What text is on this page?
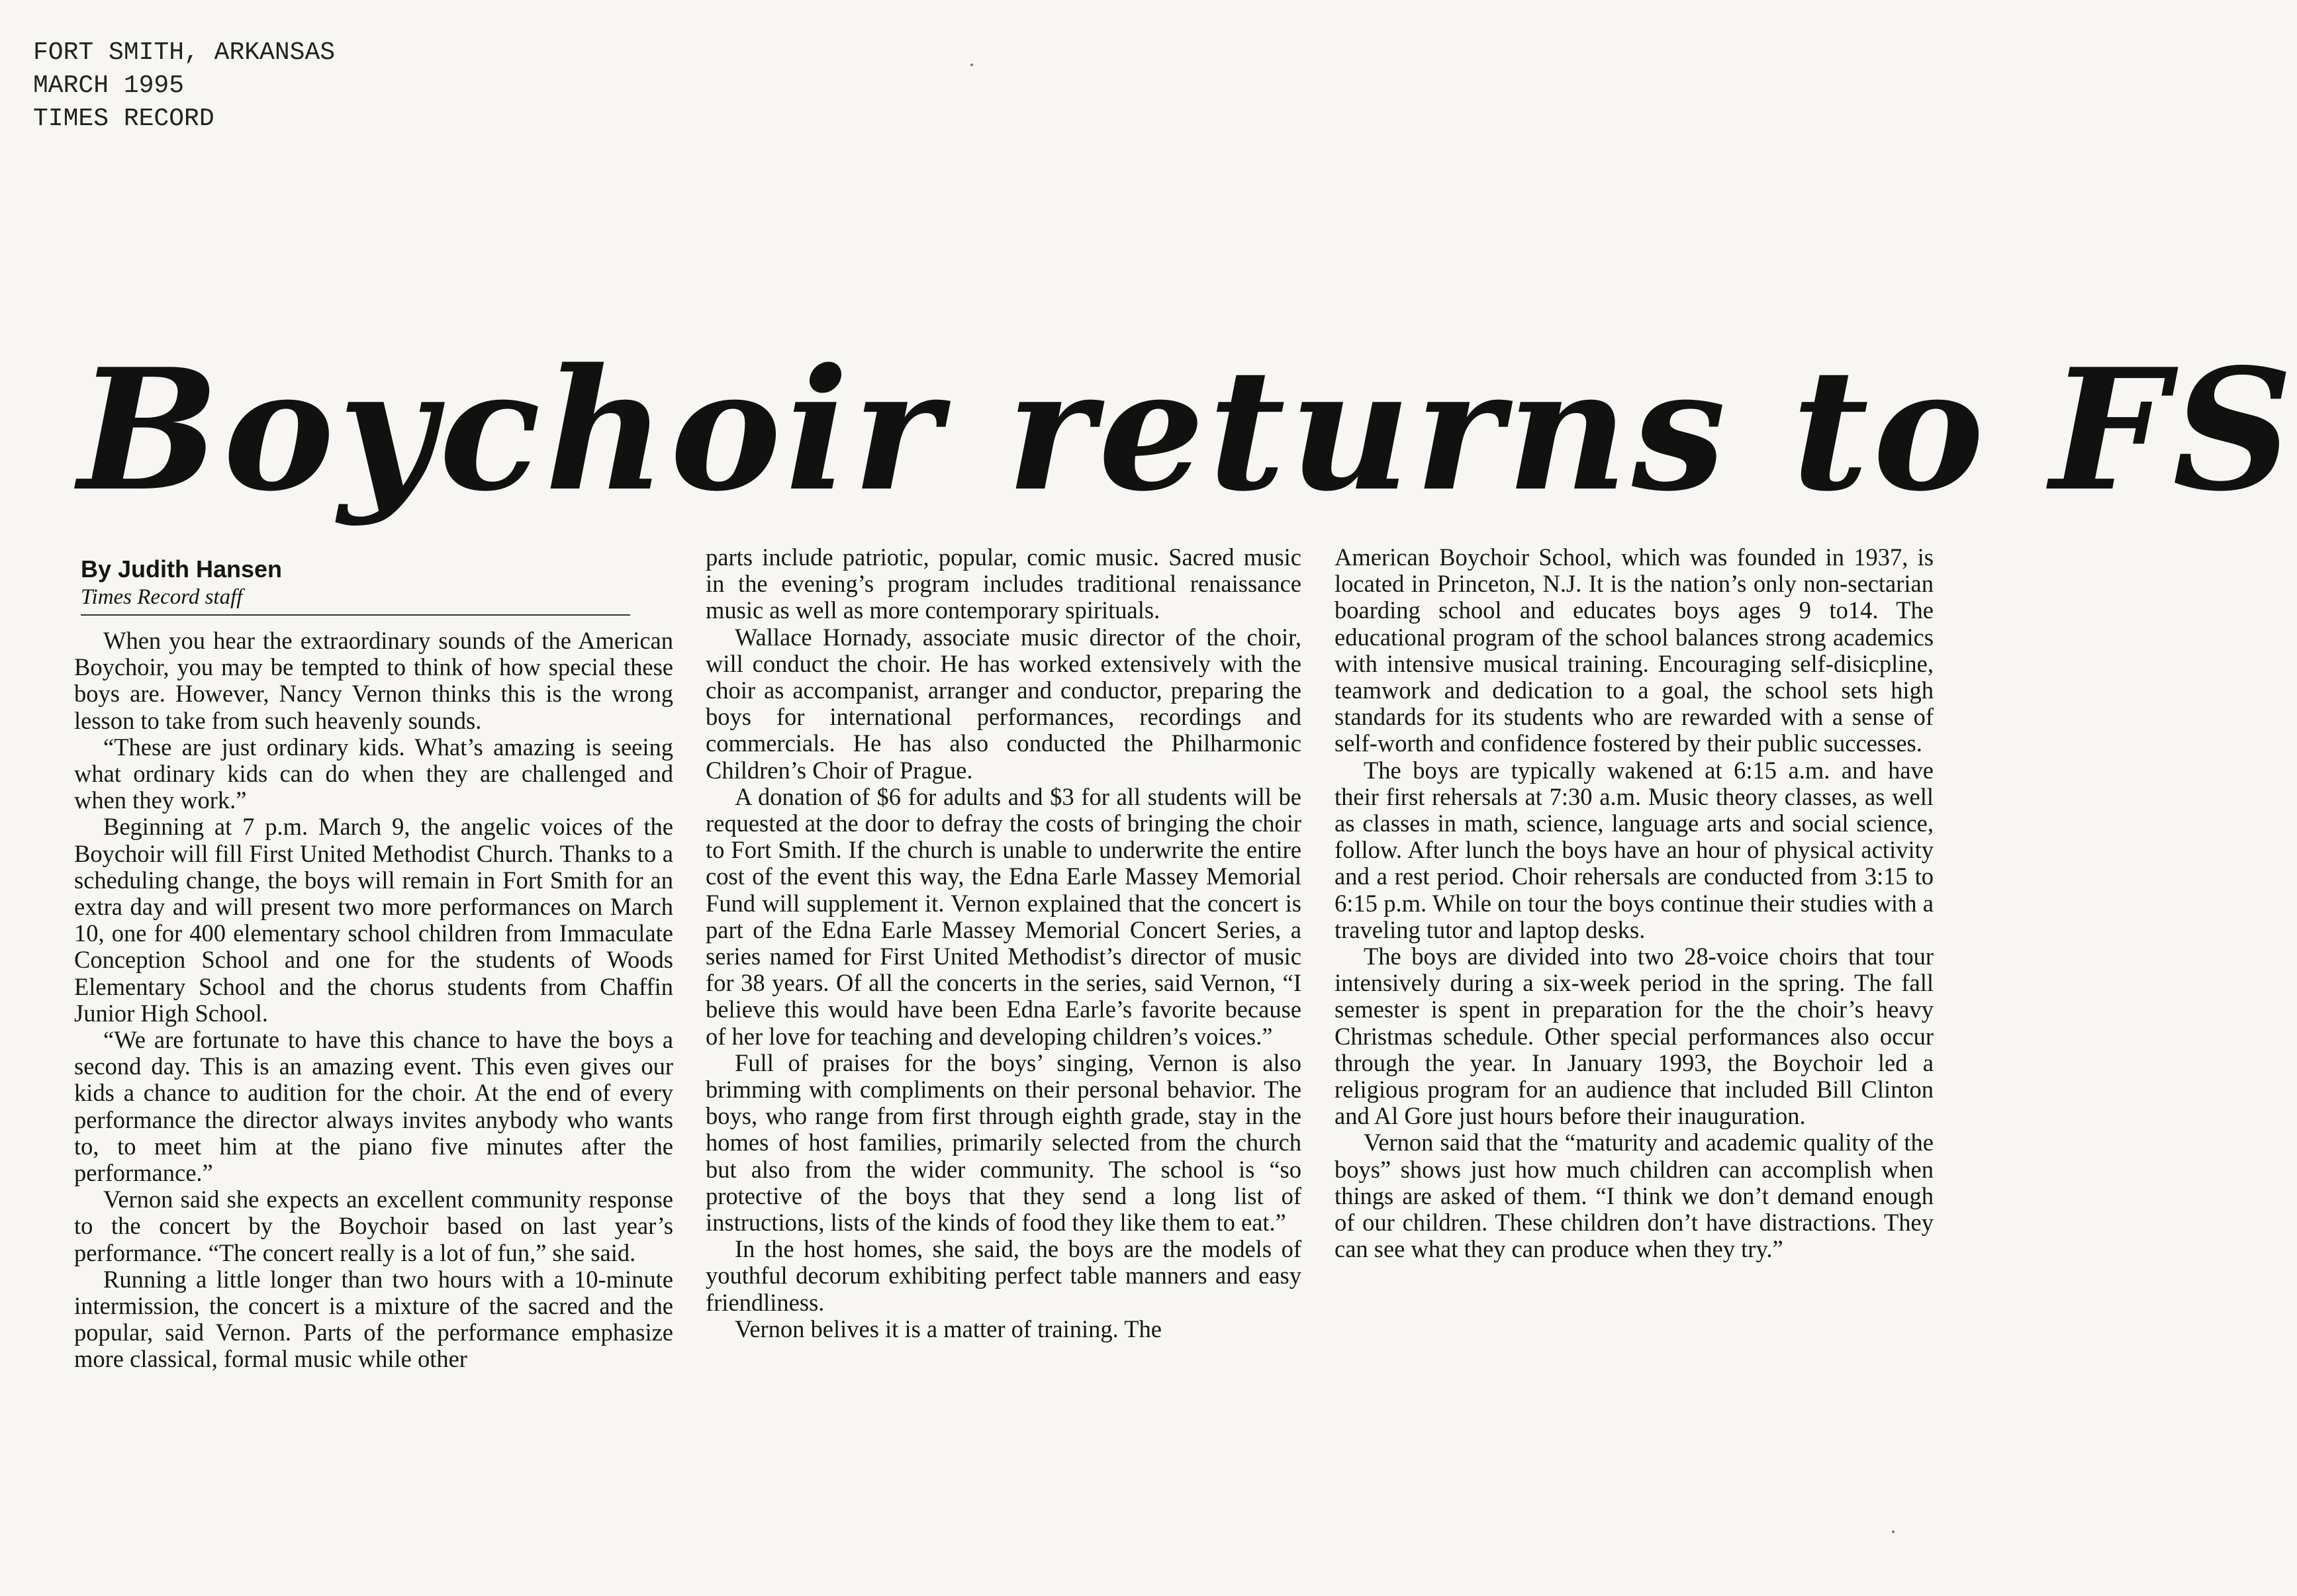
FORT SMITH, ARKANSAS
MARCH 1995
TIMES RECORD
Boychoir returns to FS
By Judith Hansen
Times Record staff

When you hear the extraordinary sounds of the American Boychoir, you may be tempted to think of how special these boys are. However, Nancy Vernon thinks this is the wrong lesson to take from such heavenly sounds.

“These are just ordinary kids. What’s amazing is seeing what ordinary kids can do when they are challenged and when they work.”

Beginning at 7 p.m. March 9, the angelic voices of the Boychoir will fill First United Methodist Church. Thanks to a scheduling change, the boys will remain in Fort Smith for an extra day and will present two more performances on March 10, one for 400 elementary school children from Immaculate Conception School and one for the students of Woods Elementary School and the chorus students from Chaffin Junior High School.

“We are fortunate to have this chance to have the boys a second day. This is an amazing event. This even gives our kids a chance to audition for the choir. At the end of every performance the director always invites anybody who wants to, to meet him at the piano five minutes after the performance.”

Vernon said she expects an excellent community response to the concert by the Boychoir based on last year’s performance. “The concert really is a lot of fun,” she said.

Running a little longer than two hours with a 10-minute intermission, the concert is a mixture of the sacred and the popular, said Vernon. Parts of the performance emphasize more classical, formal music while other

parts include patriotic, popular, comic music. Sacred music in the evening’s program includes traditional renaissance music as well as more contemporary spirituals.

Wallace Hornady, associate music director of the choir, will conduct the choir. He has worked extensively with the choir as accompanist, arranger and conductor, preparing the boys for international performances, recordings and commercials. He has also conducted the Philharmonic Children’s Choir of Prague.

A donation of $6 for adults and $3 for all students will be requested at the door to defray the costs of bringing the choir to Fort Smith. If the church is unable to underwrite the entire cost of the event this way, the Edna Earle Massey Memorial Fund will supplement it. Vernon explained that the concert is part of the Edna Earle Massey Memorial Concert Series, a series named for First United Methodist’s director of music for 38 years. Of all the concerts in the series, said Vernon, “I believe this would have been Edna Earle’s favorite because of her love for teaching and developing children’s voices.”

Full of praises for the boys’ singing, Vernon is also brimming with compliments on their personal behavior. The boys, who range from first through eighth grade, stay in the homes of host families, primarily selected from the church but also from the wider community. The school is “so protective of the boys that they send a long list of instructions, lists of the kinds of food they like them to eat.”

In the host homes, she said, the boys are the models of youthful decorum exhibiting perfect table manners and easy friendliness.

Vernon belives it is a matter of training. The

American Boychoir School, which was founded in 1937, is located in Princeton, N.J. It is the nation’s only non-sectarian boarding school and educates boys ages 9 to14. The educational program of the school balances strong academics with intensive musical training. Encouraging self-disicpline, teamwork and dedication to a goal, the school sets high standards for its students who are rewarded with a sense of self-worth and confidence fostered by their public successes.

The boys are typically wakened at 6:15 a.m. and have their first rehersals at 7:30 a.m. Music theory classes, as well as classes in math, science, language arts and social science, follow. After lunch the boys have an hour of physical activity and a rest period. Choir rehersals are conducted from 3:15 to 6:15 p.m. While on tour the boys continue their studies with a traveling tutor and laptop desks.

The boys are divided into two 28-voice choirs that tour intensively during a six-week period in the spring. The fall semester is spent in preparation for the the choir’s heavy Christmas schedule. Other special performances also occur through the year. In January 1993, the Boychoir led a religious program for an audience that included Bill Clinton and Al Gore just hours before their inauguration.

Vernon said that the “maturity and academic quality of the boys” shows just how much children can accomplish when things are asked of them. “I think we don’t demand enough of our children. These children don’t have distractions. They can see what they can produce when they try.”
